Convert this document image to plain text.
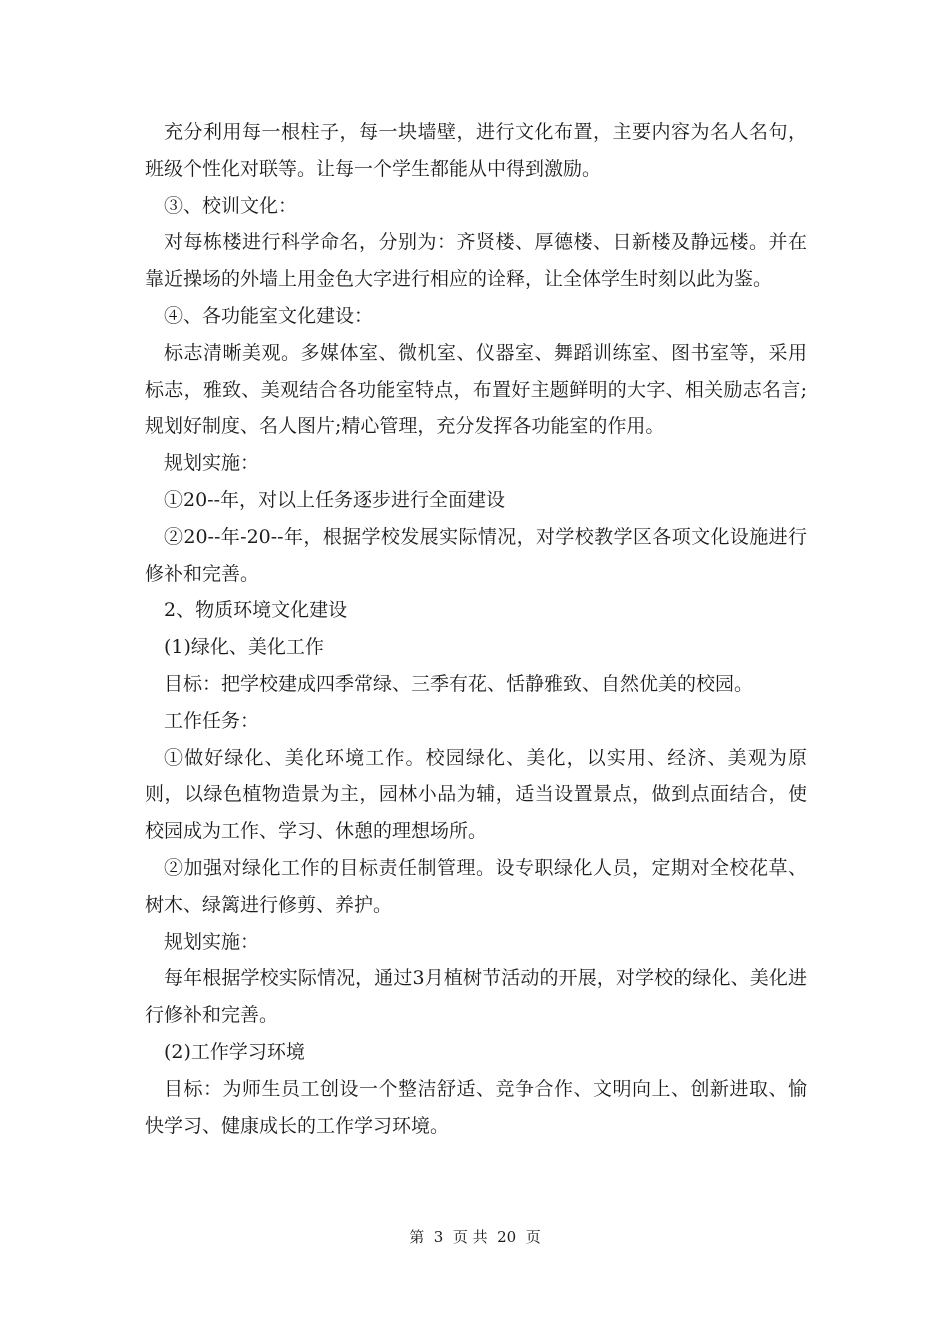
充分利用每一根柱子，每一块墙壁，进行文化布置，主要内容为名人名句，班级个性化对联等。让每一个学生都能从中得到激励。

③、校训文化：

对每栋楼进行科学命名，分别为：齐贤楼、厚德楼、日新楼及静远楼。并在靠近操场的外墙上用金色大字进行相应的诠释，让全体学生时刻以此为鉴。

④、各功能室文化建设：

标志清晰美观。多媒体室、微机室、仪器室、舞蹈训练室、图书室等，采用标志，雅致、美观结合各功能室特点，布置好主题鲜明的大字、相关励志名言;规划好制度、名人图片;精心管理，充分发挥各功能室的作用。

规划实施：

①20--年，对以上任务逐步进行全面建设

②20--年-20--年，根据学校发展实际情况，对学校教学区各项文化设施进行修补和完善。

2、物质环境文化建设

(1)绿化、美化工作

目标：把学校建成四季常绿、三季有花、恬静雅致、自然优美的校园。

工作任务：

①做好绿化、美化环境工作。校园绿化、美化，以实用、经济、美观为原则，以绿色植物造景为主，园林小品为辅，适当设置景点，做到点面结合，使校园成为工作、学习、休憩的理想场所。

②加强对绿化工作的目标责任制管理。设专职绿化人员，定期对全校花草、树木、绿篱进行修剪、养护。

规划实施：

每年根据学校实际情况，通过3月植树节活动的开展，对学校的绿化、美化进行修补和完善。

(2)工作学习环境

目标：为师生员工创设一个整洁舒适、竞争合作、文明向上、创新进取、愉快学习、健康成长的工作学习环境。

第  3  页 共  20  页
